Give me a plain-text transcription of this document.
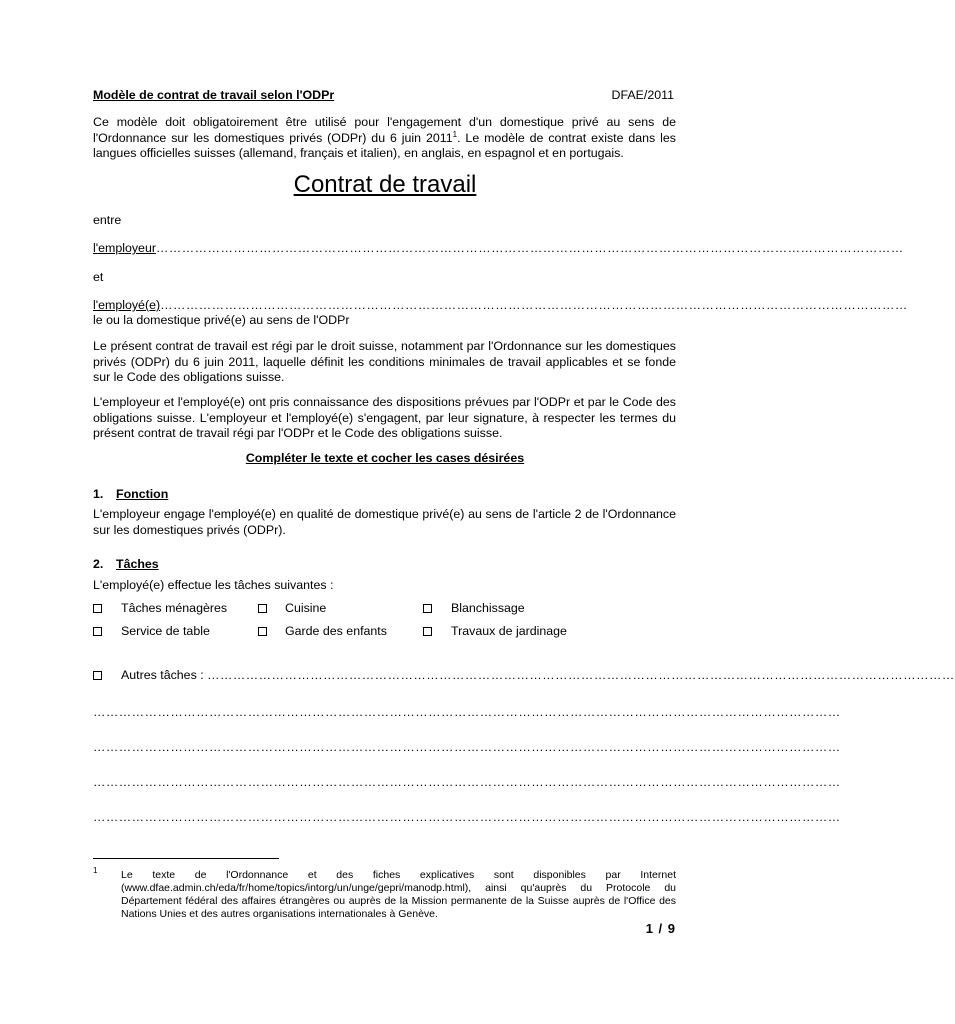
Modèle de contrat de travail selon l'ODPr	DFAE/2011
Ce modèle doit obligatoirement être utilisé pour l'engagement d'un domestique privé au sens de l'Ordonnance sur les domestiques privés (ODPr) du 6 juin 2011$^1$. Le modèle de contrat existe dans les langues officielles suisses (allemand, français et italien), en anglais, en espagnol et en portugais.
Contrat de travail
entre
l'employeur…………………………………………………………………………………………………………………………………………………………
et
l'employé(e)…………………………………………………………………………………………………………………………………………………………
le ou la domestique privé(e) au sens de l'ODPr
Le présent contrat de travail est régi par le droit suisse, notamment par l'Ordonnance sur les domestiques privés (ODPr) du 6 juin 2011, laquelle définit les conditions minimales de travail applicables et se fonde sur le Code des obligations suisse.
L'employeur et l'employé(e) ont pris connaissance des dispositions prévues par l'ODPr et par le Code des obligations suisse. L'employeur et l'employé(e) s'engagent, par leur signature, à respecter les termes du présent contrat de travail régi par l'ODPr et le Code des obligations suisse.
Compléter le texte et cocher les cases désirées
1. Fonction
L'employeur engage l'employé(e) en qualité de domestique privé(e) au sens de l'article 2 de l'Ordonnance sur les domestiques privés (ODPr).
2. Tâches
L'employé(e) effectue les tâches suivantes :
Tâches ménagères	Cuisine	Blanchissage
Service de table	Garde des enfants	Travaux de jardinage
Autres tâches : …………………………………………………………………………………………………………………………………………………………
…………………………………………………………………………………………………………………………………………………………
…………………………………………………………………………………………………………………………………………………………
…………………………………………………………………………………………………………………………………………………………
…………………………………………………………………………………………………………………………………………………………
1 Le texte de l'Ordonnance et des fiches explicatives sont disponibles par Internet (www.dfae.admin.ch/eda/fr/home/topics/intorg/un/unge/gepri/manodp.html), ainsi qu'auprès du Protocole du Département fédéral des affaires étrangères ou auprès de la Mission permanente de la Suisse auprès de l'Office des Nations Unies et des autres organisations internationales à Genève.
1 / 9
